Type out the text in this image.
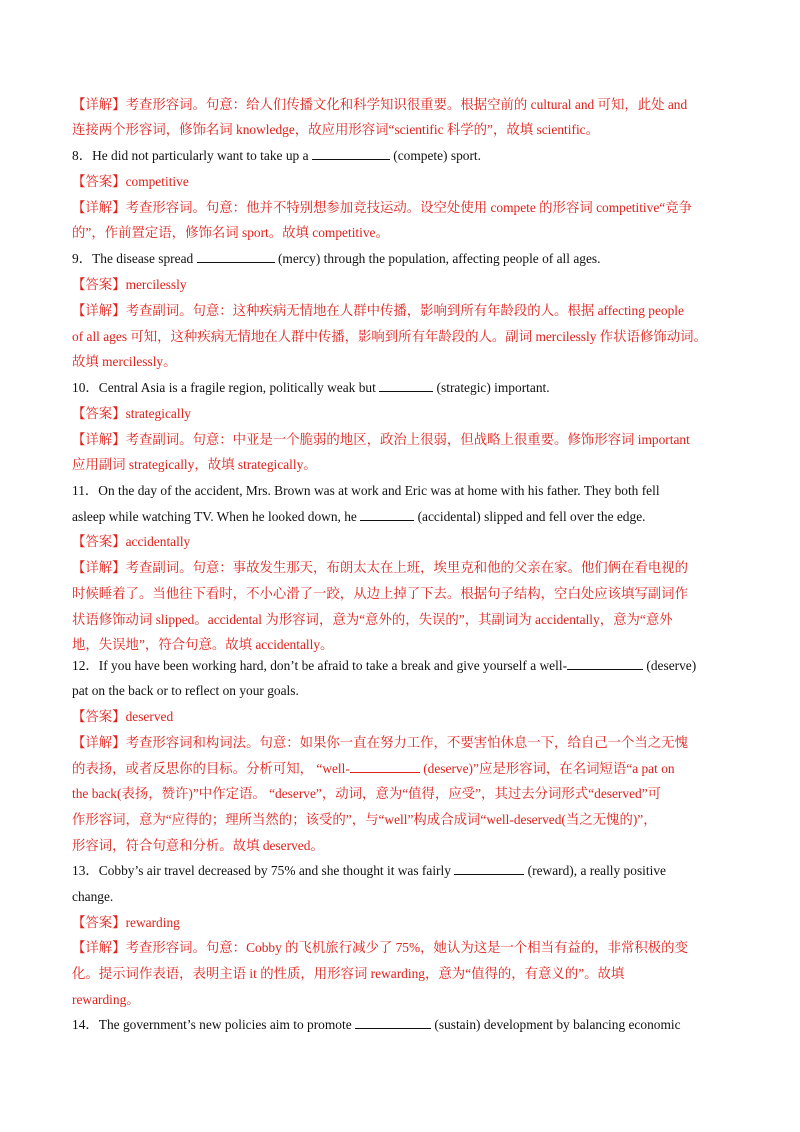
【详解】考查形容词。句意：给人们传播文化和科学知识很重要。根据空前的 cultural and 可知，此处 and
连接两个形容词，修饰名词 knowledge，故应用形容词“scientific 科学的”，故填 scientific。
8．He did not particularly want to take up a	(compete) sport.
【答案】competitive
【详解】考查形容词。句意：他并不特别想参加竞技运动。设空处使用 compete 的形容词 competitive“竞争
的”，作前置定语，修饰名词 sport。故填 competitive。
9．The disease spread	(mercy) through the population, affecting people of all ages.
【答案】mercilessly
【详解】考查副词。句意：这种疾病无情地在人群中传播，影响到所有年龄段的人。根据 affecting people
of all ages 可知，这种疾病无情地在人群中传播，影响到所有年龄段的人。副词 mercilessly 作状语修饰动词。
故填 mercilessly。
10．Central Asia is a fragile region, politically weak but	(strategic) important.
【答案】strategically
【详解】考查副词。句意：中亚是一个脆弱的地区，政治上很弱，但战略上很重要。修饰形容词 important
应用副词 strategically，故填 strategically。
11．On the day of the accident, Mrs. Brown was at work and Eric was at home with his father. They both fell
asleep while watching TV. When he looked down, he	(accidental) slipped and fell over the edge.
【答案】accidentally
【详解】考查副词。句意：事故发生那天，布朗太太在上班，埃里克和他的父亲在家。他们俩在看电视的
时候睡着了。当他往下看时，不小心滑了一跤，从边上掉了下去。根据句子结构，空白处应该填写副词作
状语修饰动词 slipped。accidental 为形容词，意为“意外的，失误的”，其副词为 accidentally，意为“意外
地，失误地”，符合句意。故填 accidentally。
12．If you have been working hard, don’t be afraid to take a break and give yourself a well-	(deserve)
pat on the back or to reflect on your goals.
【答案】deserved
【详解】考查形容词和构词法。句意：如果你一直在努力工作，不要害怕休息一下，给自己一个当之无愧
的表扬，或者反思你的目标。分析可知， “well-	(deserve)”应是形容词，在名词短语“a pat on
the back(表扬，赞许)”中作定语。 “deserve”，动词，意为“值得，应受”，其过去分词形式“deserved”可
作形容词，意为“应得的；理所当然的；该受的”，与“well”构成合成词“well-deserved(当之无愧的)”，
形容词，符合句意和分析。故填 deserved。
13．Cobby’s air travel decreased by 75% and she thought it was fairly	(reward), a really positive
change.
【答案】rewarding
【详解】考查形容词。句意：Cobby 的飞机旅行减少了 75%，她认为这是一个相当有益的，非常积极的变
化。提示词作表语，表明主语 it 的性质，用形容词 rewarding，意为“值得的，有意义的”。故填
rewarding。
14．The government’s new policies aim to promote	(sustain) development by balancing economic
